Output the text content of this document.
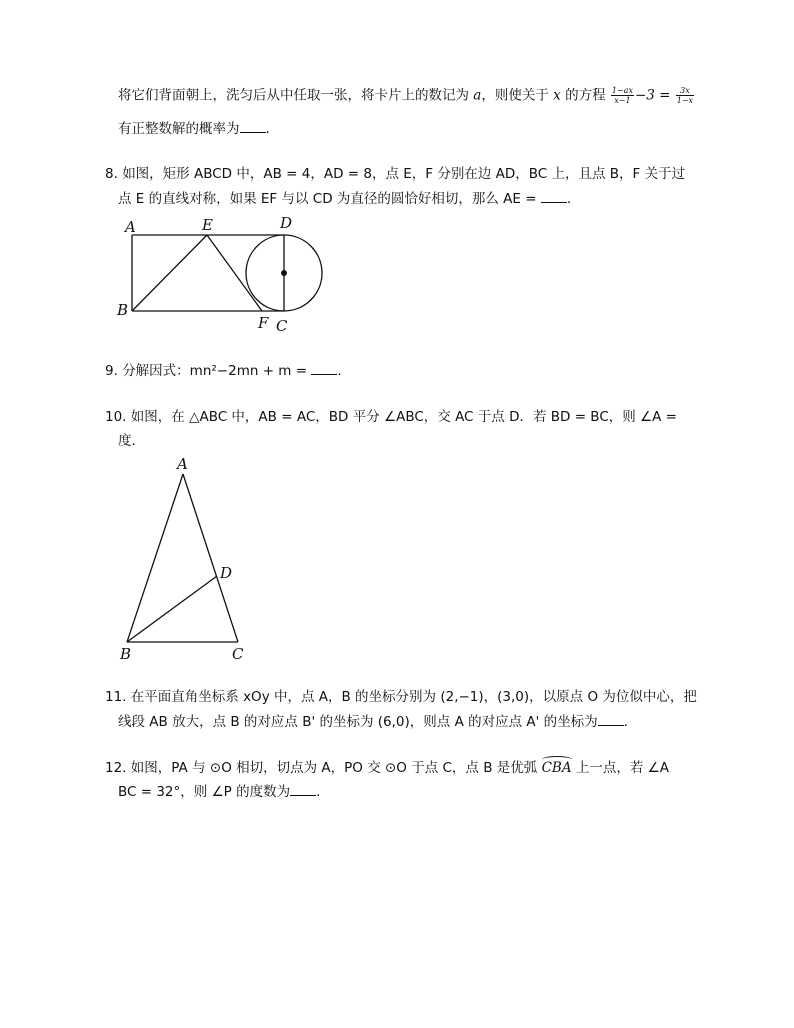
将它们背面朝上，洗匀后从中任取一张，将卡片上的数记为 a，则使关于 x 的方程 $\frac{1-ax}{x-1} -3 = \frac{3x}{1-x}$
有正整数解的概率为 .
8. 如图，矩形 ABCD 中，AB = 4，AD = 8，点 E，F 分别在边 AD，BC 上，且点 B，F 关于过
点 E 的直线对称，如果 EF 与以 CD 为直径的圆恰好相切，那么 AE = .
A	E	D
B
F C
9. 分解因式：mn²−2mn + m = .
10. 如图，在 △ABC 中，AB = AC，BD 平分 ∠ABC，交 AC 于点 D．若 BD = BC，则 ∠A =
度．
A
D
B	C
11. 在平面直角坐标系 xOy 中，点 A，B 的坐标分别为 (2,−1)，(3,0)，以原点 O 为位似中心，把
线段 AB 放大，点 B 的对应点 B' 的坐标为 (6,0)，则点 A 的对应点 A' 的坐标为 .
12. 如图，PA 与 ⊙O 相切，切点为 A，PO 交 ⊙O 于点 C，点 B 是优弧 CBA 上一点，若 ∠A
BC = 32°，则 ∠P 的度数为 .
